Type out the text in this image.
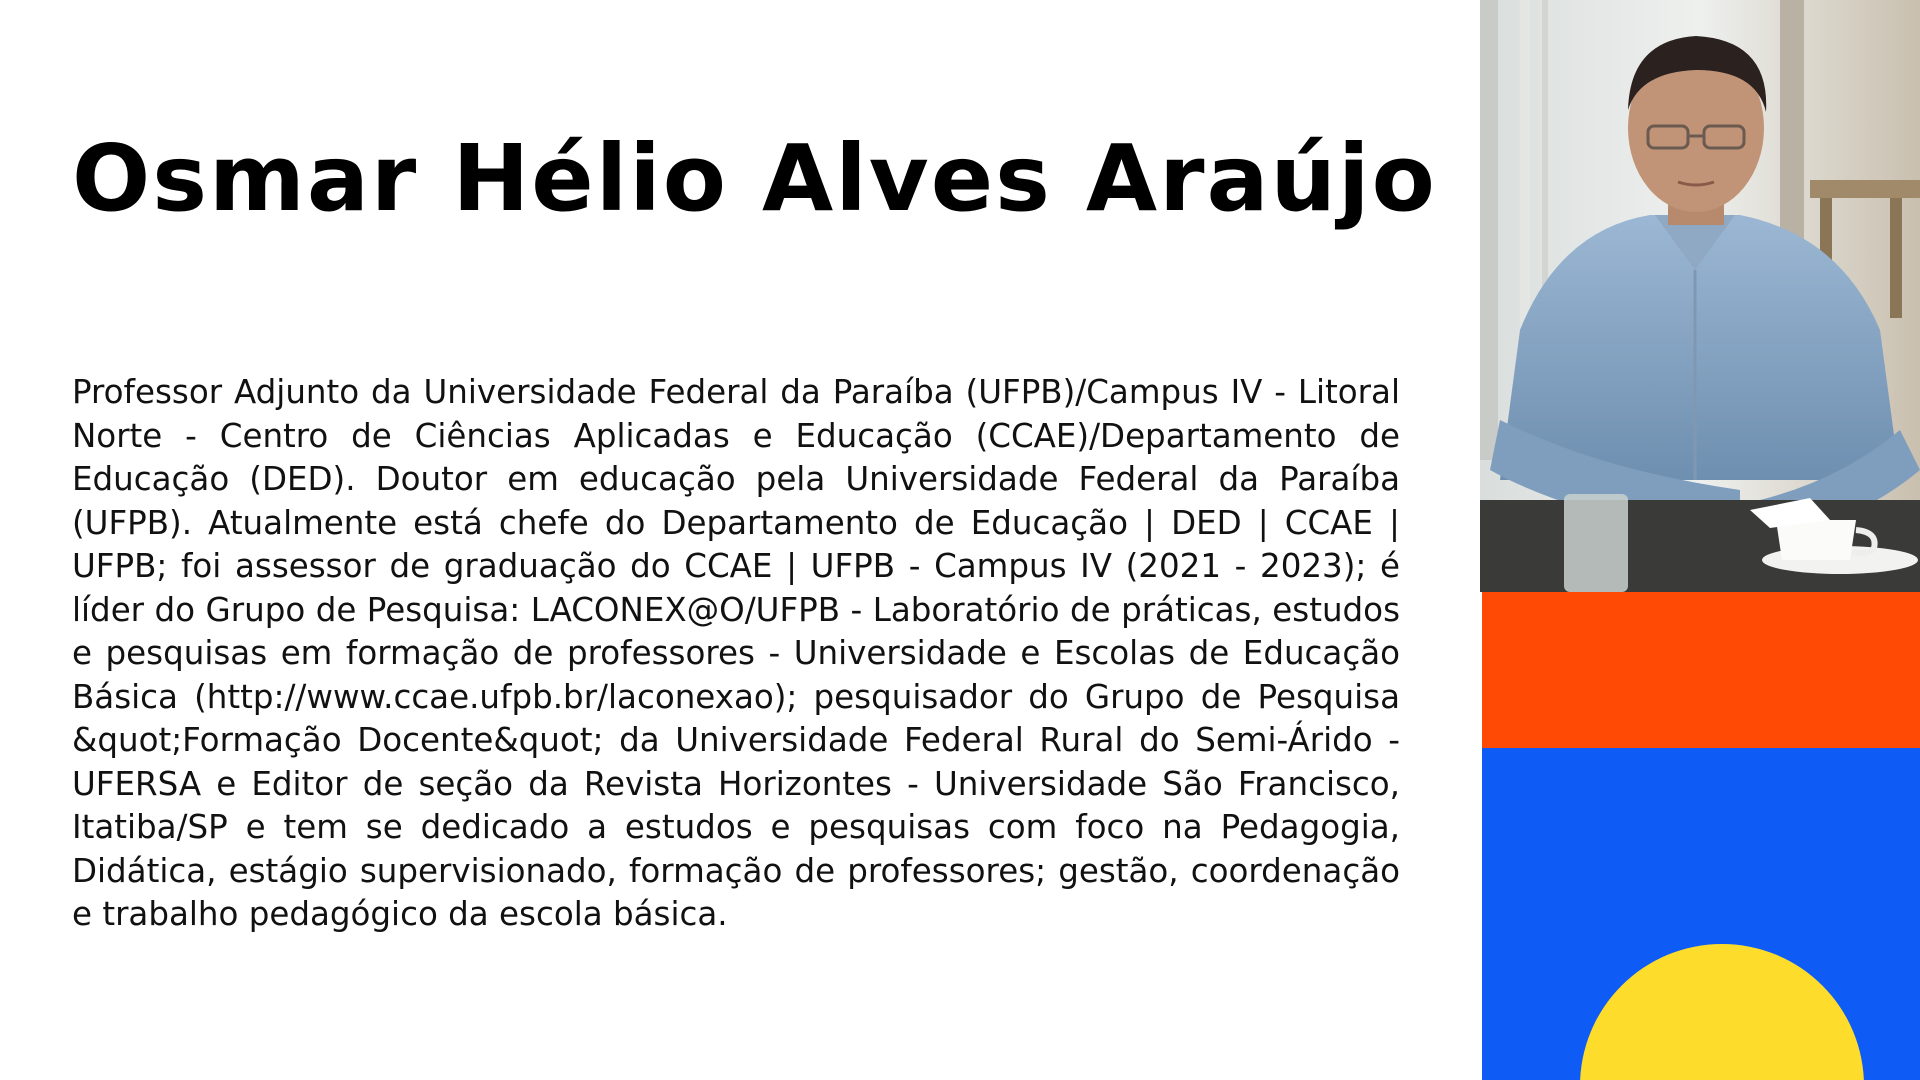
Osmar Hélio Alves Araújo

Professor Adjunto da Universidade Federal da Paraíba (UFPB)/Campus IV - Litoral Norte - Centro de Ciências Aplicadas e Educação (CCAE)/Departamento de Educação (DED). Doutor em educação pela Universidade Federal da Paraíba (UFPB). Atualmente está chefe do Departamento de Educação | DED | CCAE | UFPB; foi assessor de graduação do CCAE | UFPB - Campus IV (2021 - 2023); é líder do Grupo de Pesquisa: LACONEX@O/UFPB - Laboratório de práticas, estudos e pesquisas em formação de professores - Universidade e Escolas de Educação Básica (http://www.ccae.ufpb.br/laconexao); pesquisador do Grupo de Pesquisa &quot;Formação Docente&quot; da Universidade Federal Rural do Semi-Árido - UFERSA e Editor de seção da Revista Horizontes - Universidade São Francisco, Itatiba/SP e tem se dedicado a estudos e pesquisas com foco na Pedagogia, Didática, estágio supervisionado, formação de professores; gestão, coordenação e trabalho pedagógico da escola básica.
